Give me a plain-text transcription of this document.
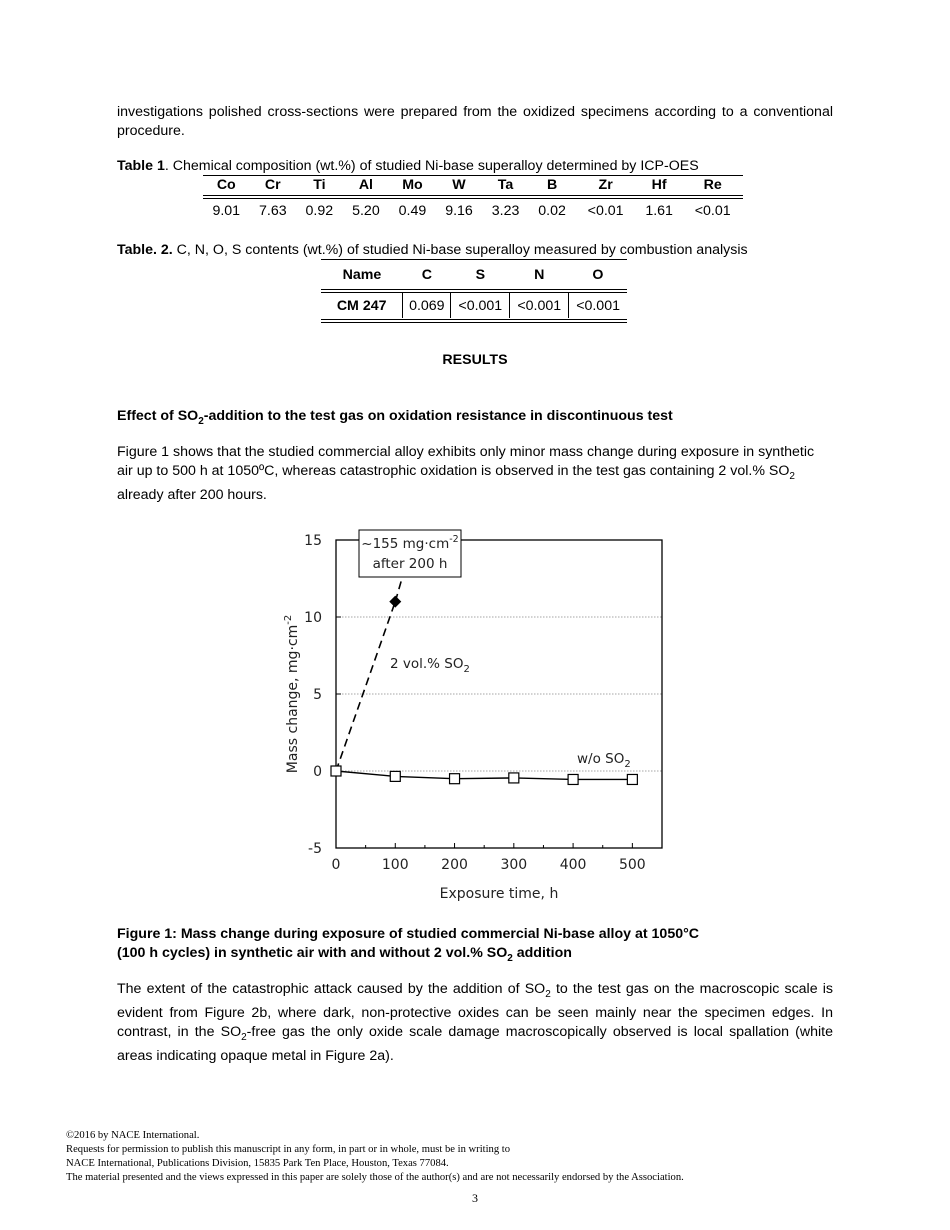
investigations polished cross-sections were prepared from the oxidized specimens according to a conventional procedure.
Table 1. Chemical composition (wt.%) of studied Ni-base superalloy determined by ICP-OES
Co	Cr	Ti	Al	Mo	W	Ta	B	Zr	Hf	Re

9.01	7.63	0.92	5.20	0.49	9.16	3.23	0.02	<0.01	1.61	<0.01
Table. 2. C, N, O, S contents (wt.%) of studied Ni-base superalloy measured by combustion analysis
Name	C	S	N	O

CM 247	0.069	<0.001	<0.001	<0.001

RESULTS
Effect of $SO_2$-addition to the test gas on oxidation resistance in discontinuous test
Figure 1 shows that the studied commercial alloy exhibits only minor mass change during exposure in synthetic air up to 500 h at 1050ºC, whereas catastrophic oxidation is observed in the test gas containing 2 vol.% $SO_2$ already after 200 hours.
0	100 200 300 400 500
-5
0
5
10
15
Exposure time, h
Mass change, $mg\cdot cm^{-2}$
~155 $mg\cdot cm^{-2}$
after 200 h
2 vol.% $SO_2$
w/o $SO_2$
Figure 1: Mass change during exposure of studied commercial Ni-base alloy at 1050°C
(100 h cycles) in synthetic air with and without 2 vol.% $SO_2$ addition
The extent of the catastrophic attack caused by the addition of $SO_2$ to the test gas on the macroscopic scale is evident from Figure 2b, where dark, non-protective oxides can be seen mainly near the specimen edges. In contrast, in the $SO_2$-free gas the only oxide scale damage macroscopically observed is local spallation (white areas indicating opaque metal in Figure 2a).
©2016 by NACE International.
Requests for permission to publish this manuscript in any form, in part or in whole, must be in writing to
NACE International, Publications Division, 15835 Park Ten Place, Houston, Texas 77084.
The material presented and the views expressed in this paper are solely those of the author(s) and are not necessarily endorsed by the Association.
3
